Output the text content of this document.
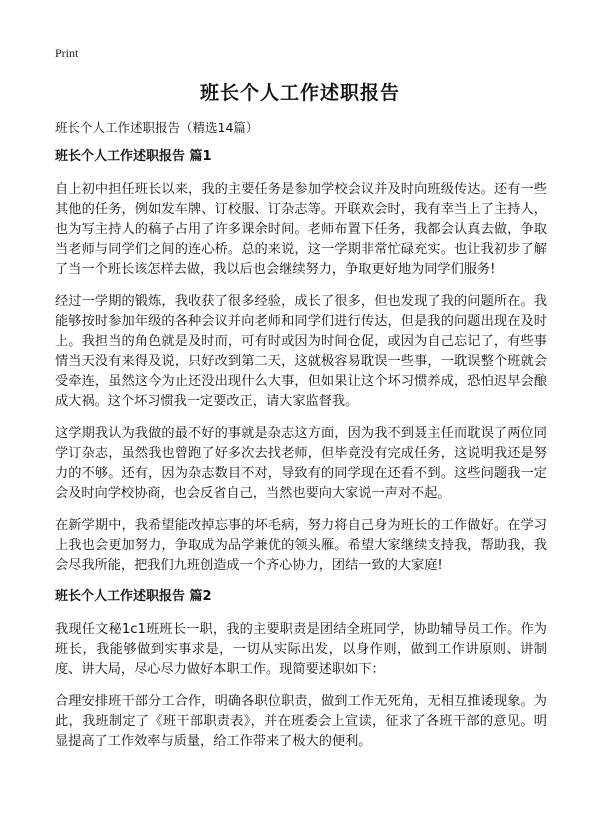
Print
班长个人工作述职报告
班长个人工作述职报告（精选14篇）
班长个人工作述职报告 篇1

自上初中担任班长以来，我的主要任务是参加学校会议并及时向班级传达。还有一些其他的任务，例如发车牌、订校服、订杂志等。开联欢会时，我有幸当上了主持人，也为写主持人的稿子占用了许多课余时间。老师布置下任务，我都会认真去做，争取当老师与同学们之间的连心桥。总的来说，这一学期非常忙碌充实。也让我初步了解了当一个班长该怎样去做，我以后也会继续努力，争取更好地为同学们服务!

经过一学期的锻炼，我收获了很多经验，成长了很多，但也发现了我的问题所在。我能够按时参加年级的各种会议并向老师和同学们进行传达，但是我的问题出现在及时上。我担当的角色就是及时而，可有时或因为时间仓促，或因为自己忘记了，有些事情当天没有来得及说，只好改到第二天，这就极容易耽误一些事，一耽误整个班就会受牵连，虽然这今为止还没出现什么大事，但如果让这个坏习惯养成，恐怕迟早会酿成大祸。这个坏习惯我一定要改正，请大家监督我。

这学期我认为我做的最不好的事就是杂志这方面，因为我不到聂主任而耽误了两位同学订杂志，虽然我也曾跑了好多次去找老师，但毕竟没有完成任务，这说明我还是努力的不够。还有，因为杂志数目不对，导致有的同学现在还看不到。这些问题我一定会及时向学校协商，也会反省自己，当然也要向大家说一声对不起。

在新学期中，我希望能改掉忘事的坏毛病，努力将自己身为班长的工作做好。在学习上我也会更加努力，争取成为品学兼优的领头雁。希望大家继续支持我，帮助我，我会尽我所能，把我们九班创造成一个齐心协力，团结一致的大家庭!

班长个人工作述职报告 篇2

我现任文秘1c1班班长一职，我的主要职责是团结全班同学，协助辅导员工作。作为班长，我能够做到实事求是，一切从实际出发，以身作则，做到工作讲原则、讲制度、讲大局，尽心尽力做好本职工作。现简要述职如下：

合理安排班干部分工合作，明确各职位职责，做到工作无死角，无相互推诿现象。为此，我班制定了《班干部职责表》，并在班委会上宣读，征求了各班干部的意见。明显提高了工作效率与质量，给工作带来了极大的便利。
